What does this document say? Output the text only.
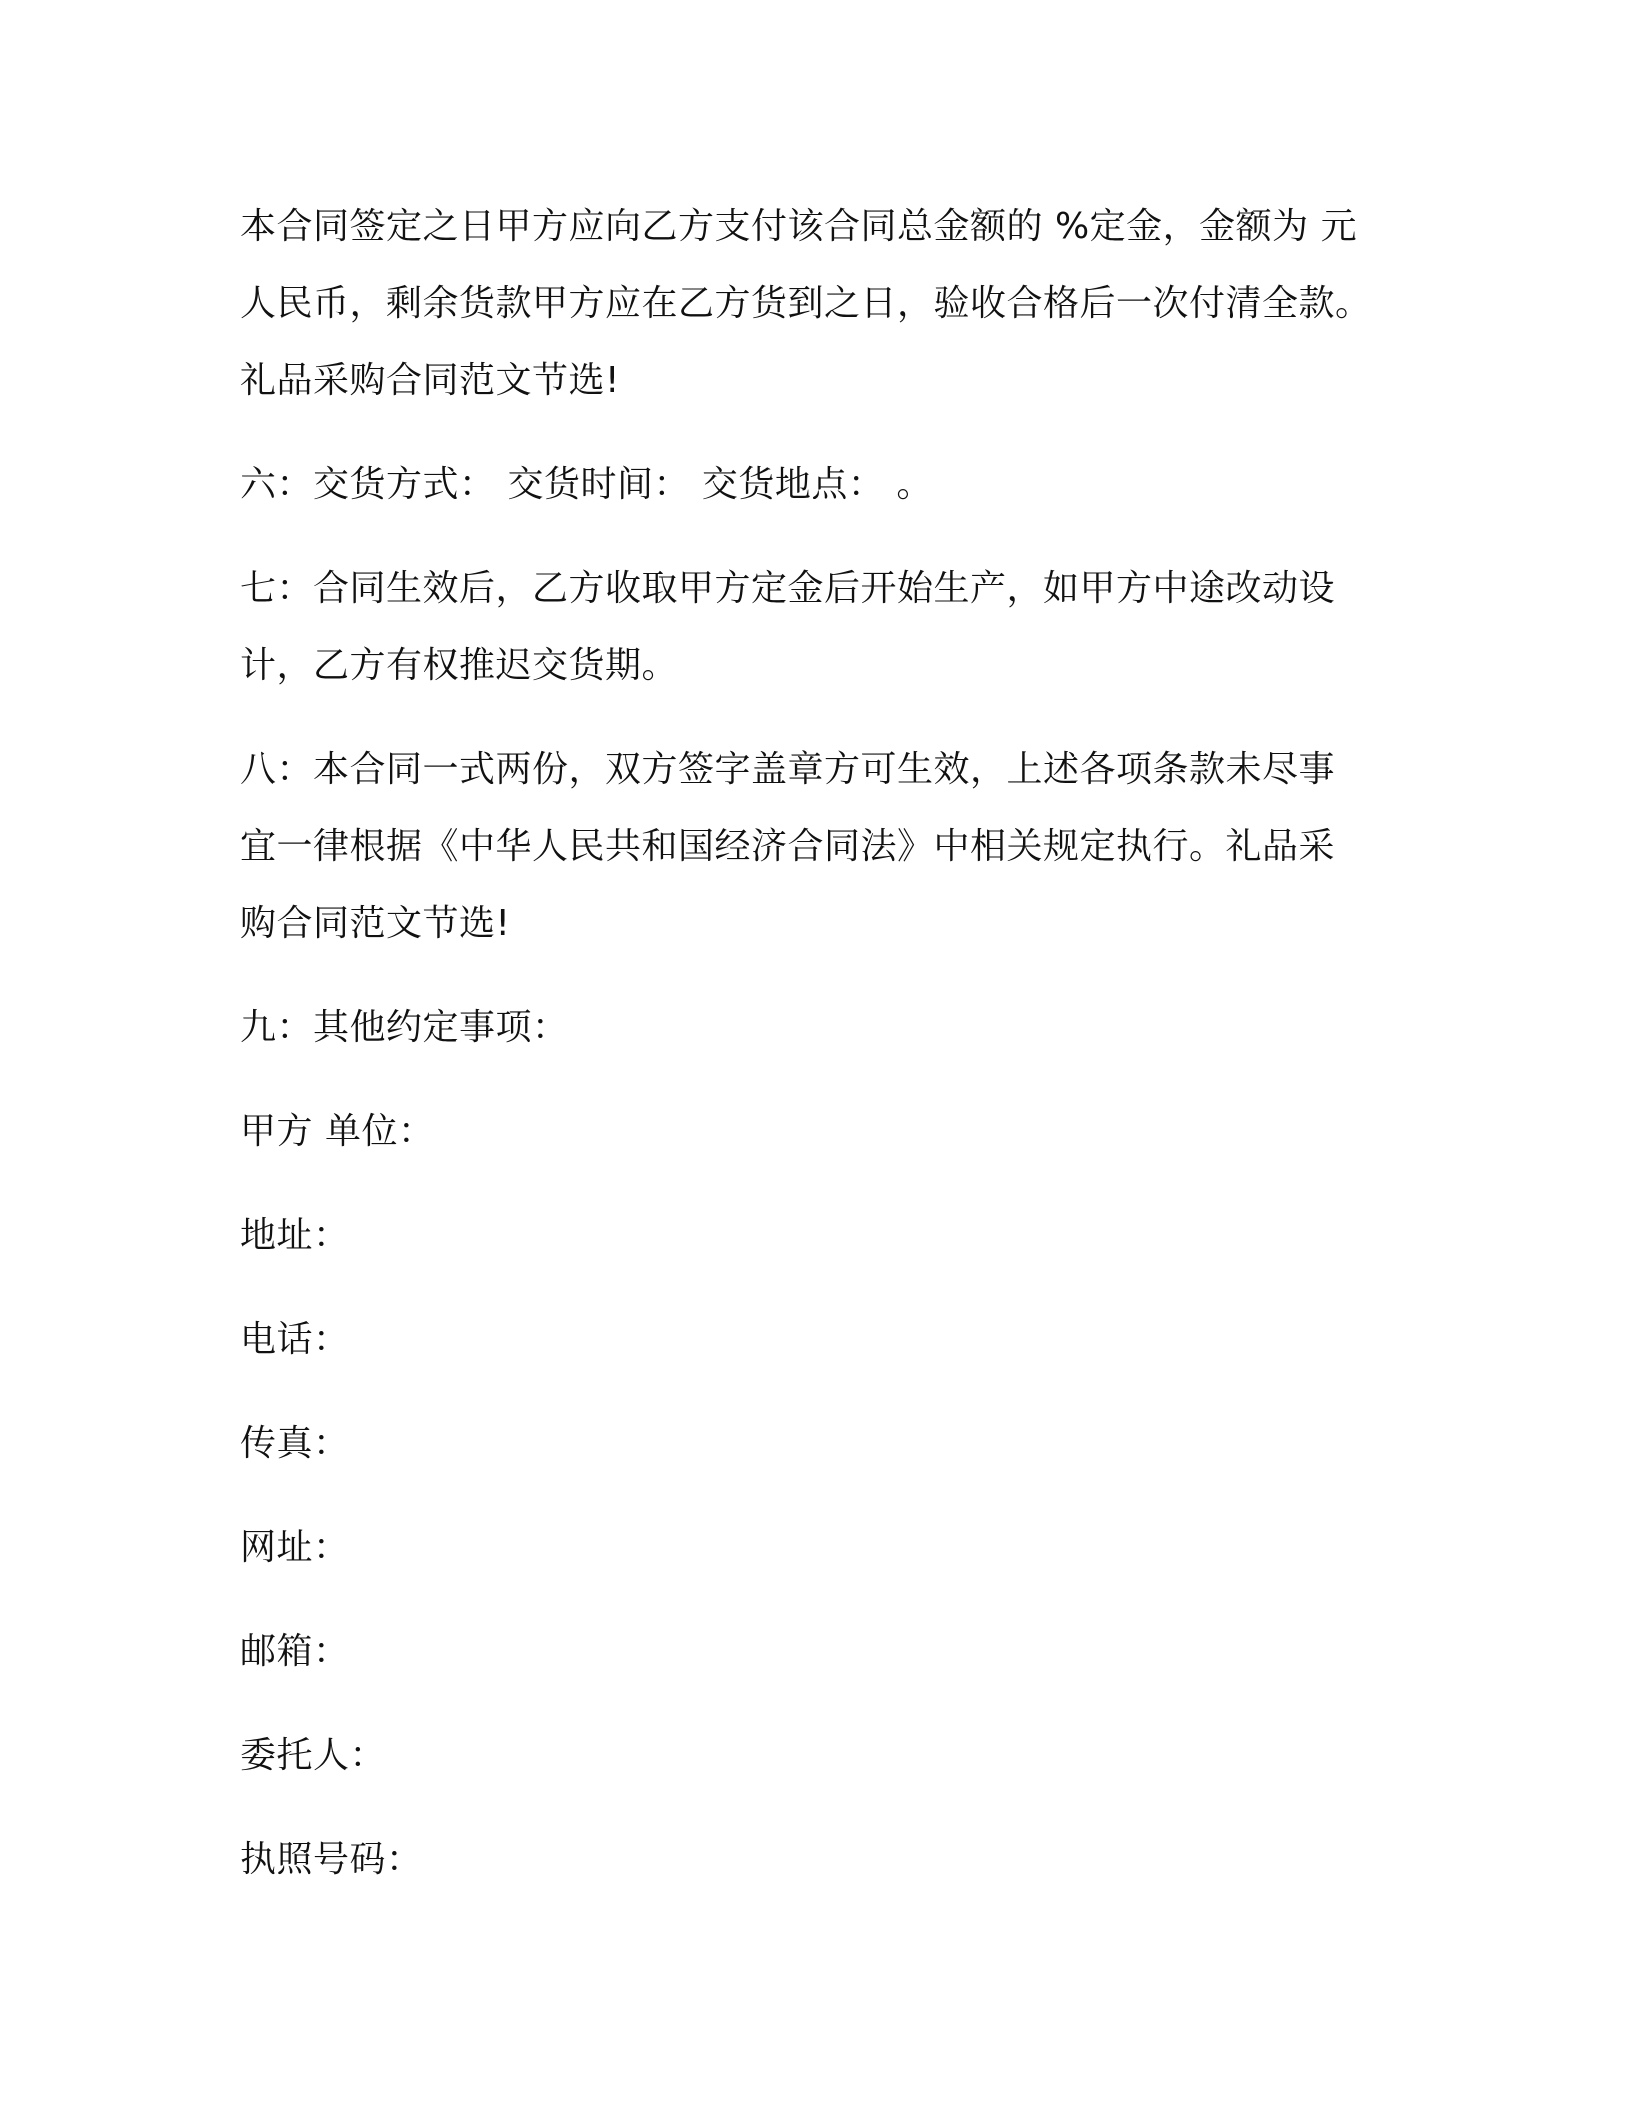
本合同签定之日甲方应向乙方支付该合同总金额的 %定金，金额为 元
人民币，剩余货款甲方应在乙方货到之日，验收合格后一次付清全款。
礼品采购合同范文节选!

六：交货方式： 交货时间： 交货地点： 。

七：合同生效后，乙方收取甲方定金后开始生产，如甲方中途改动设
计，乙方有权推迟交货期。

八：本合同一式两份，双方签字盖章方可生效，上述各项条款未尽事
宜一律根据《中华人民共和国经济合同法》中相关规定执行。礼品采
购合同范文节选!

九：其他约定事项：

甲方 单位：

地址：

电话：

传真：

网址：

邮箱：

委托人：

执照号码：
